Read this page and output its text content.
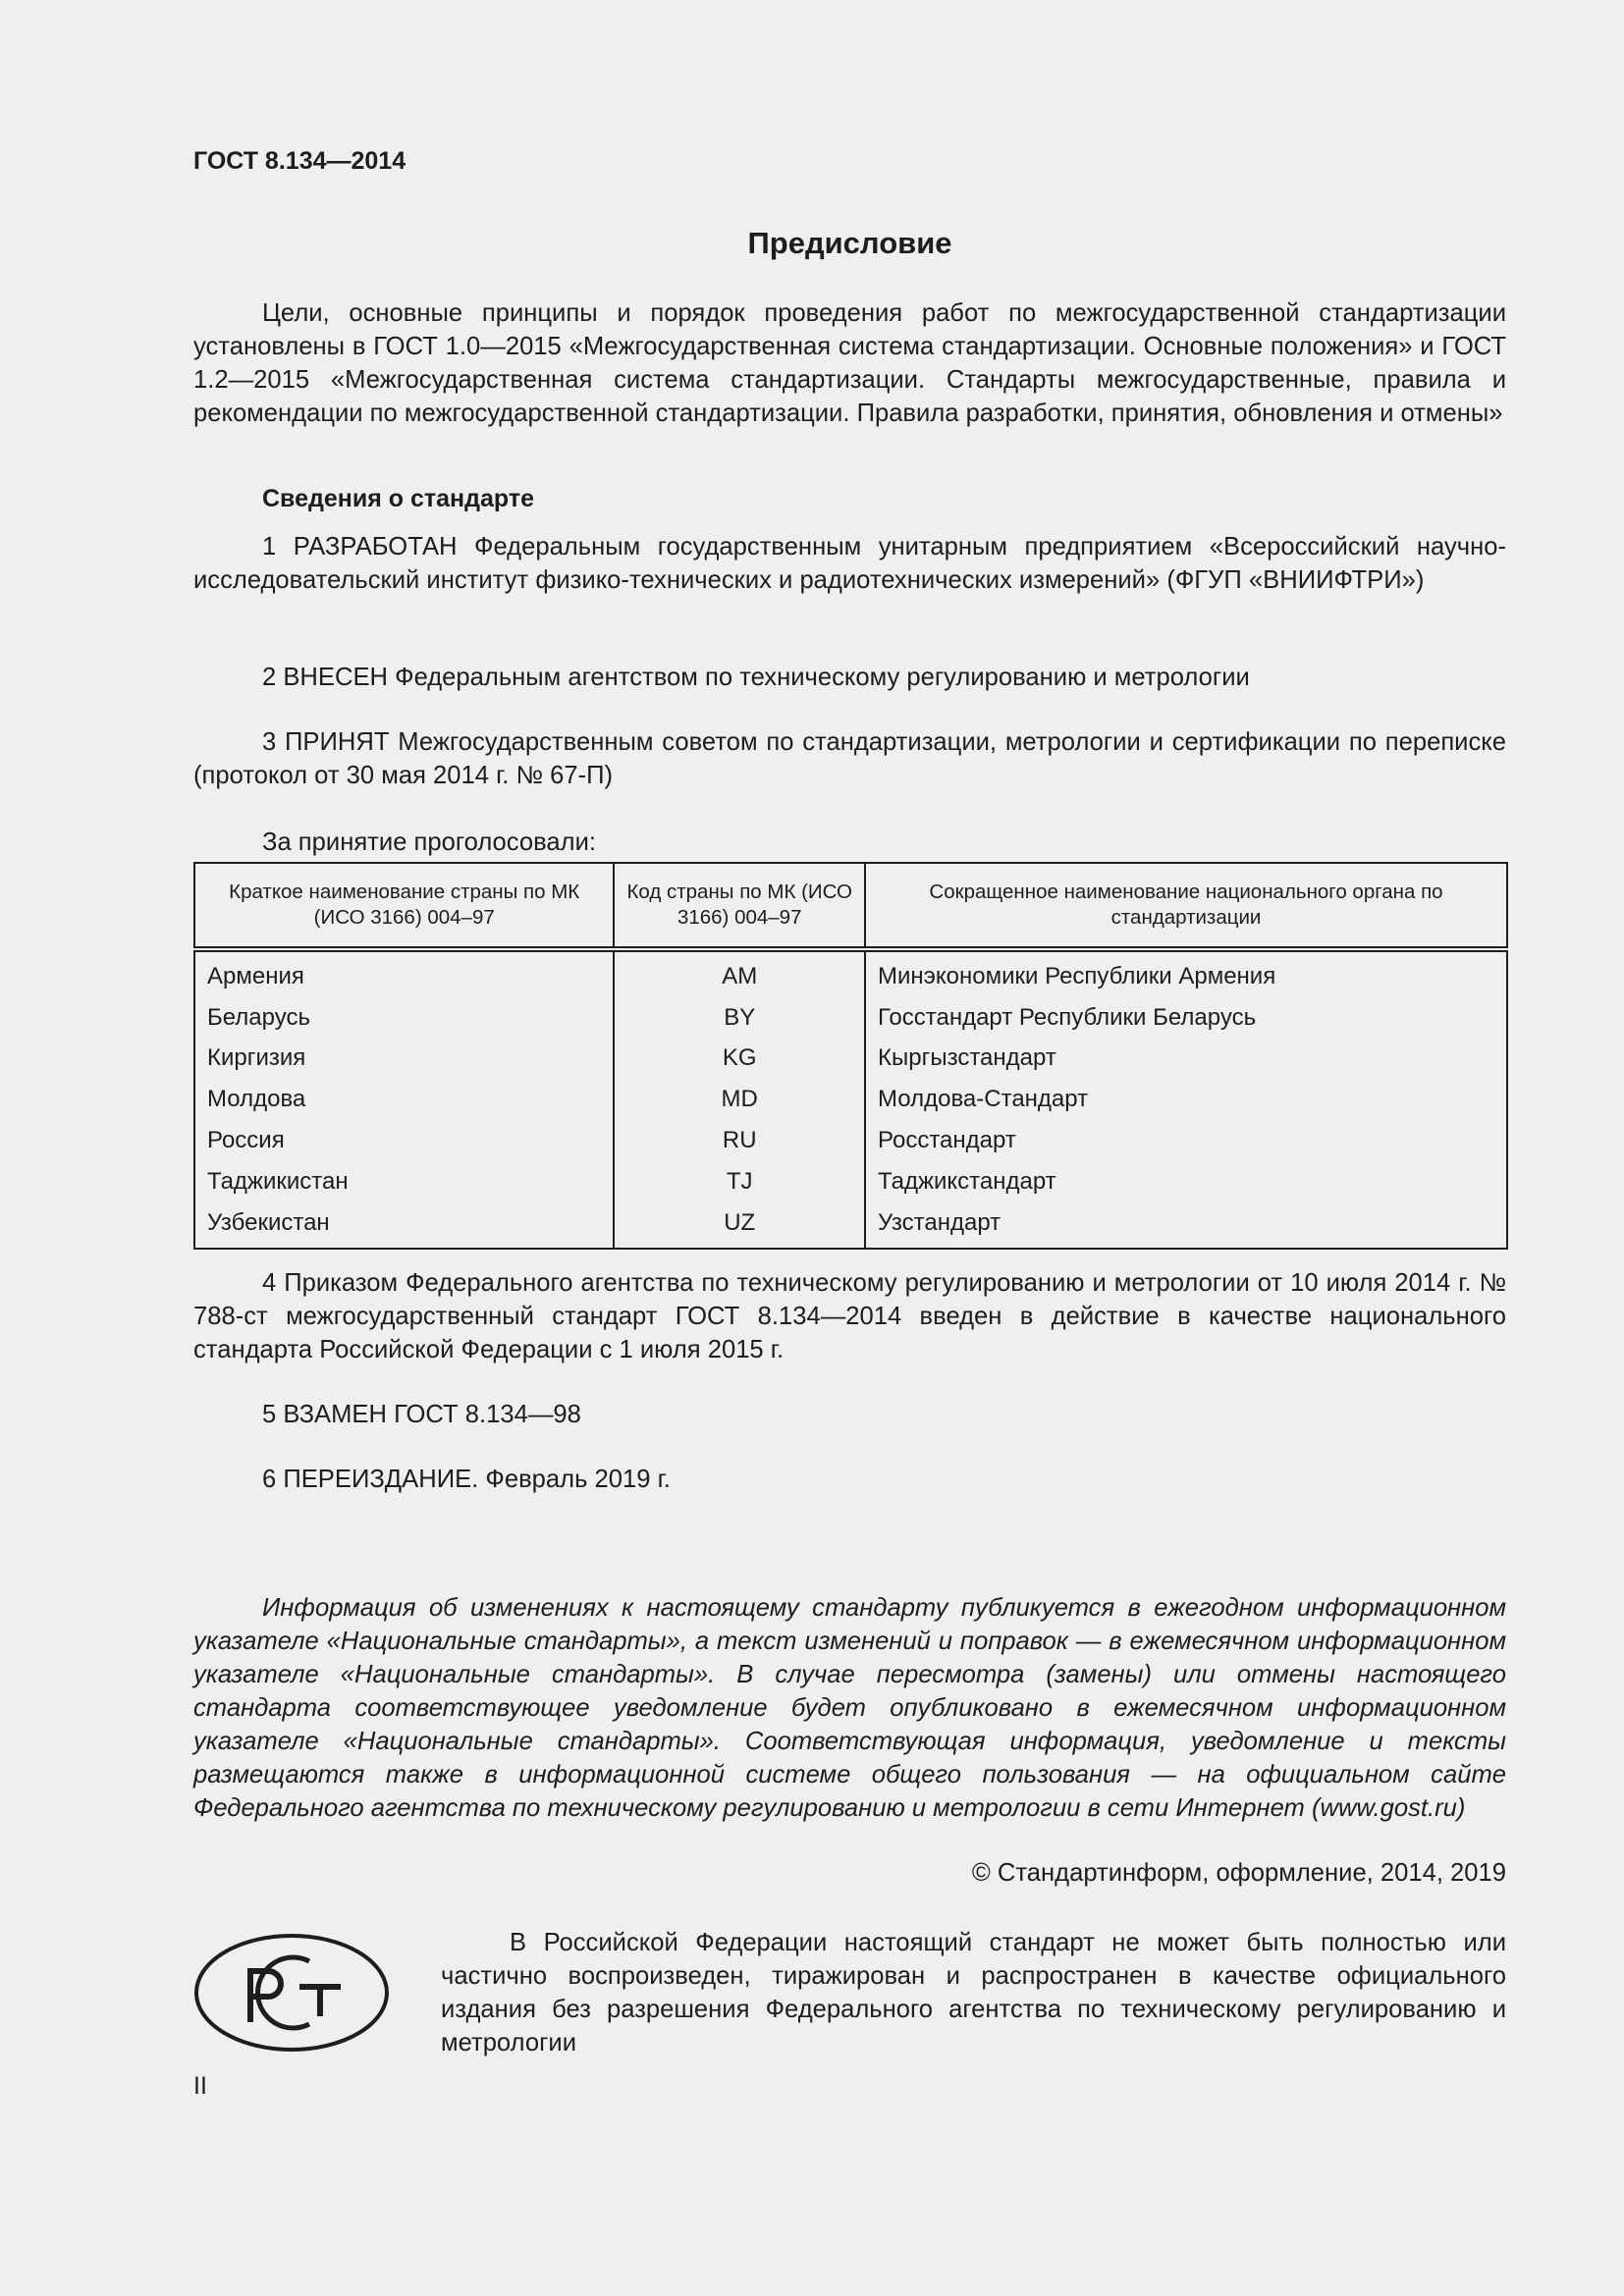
ГОСТ 8.134—2014
Предисловие

Цели, основные принципы и порядок проведения работ по межгосударственной стандартизации установлены в ГОСТ 1.0—2015 «Межгосударственная система стандартизации. Основные положения» и ГОСТ 1.2—2015 «Межгосударственная система стандартизации. Стандарты межгосударственные, правила и рекомендации по межгосударственной стандартизации. Правила разработки, принятия, обновления и отмены»

Сведения о стандарте

1 РАЗРАБОТАН Федеральным государственным унитарным предприятием «Всероссийский научно-исследовательский институт физико-технических и радиотехнических измерений» (ФГУП «ВНИИФТРИ»)

2 ВНЕСЕН Федеральным агентством по техническому регулированию и метрологии

3 ПРИНЯТ Межгосударственным советом по стандартизации, метрологии и сертификации по переписке (протокол от 30 мая 2014 г. № 67-П)

За принятие проголосовали:

Краткое наименование страны по МК (ИСО 3166) 004–97	Код страны по МК (ИСО 3166) 004–97	Сокращенное наименование национального органа по стандартизации
Армения	AM	Минэкономики Республики Армения
Беларусь	BY	Госстандарт Республики Беларусь
Киргизия	KG	Кыргызстандарт
Молдова	MD	Молдова-Стандарт
Россия	RU	Росстандарт
Таджикистан	TJ	Таджикстандарт
Узбекистан	UZ	Узстандарт

4 Приказом Федерального агентства по техническому регулированию и метрологии от 10 июля 2014 г. № 788-ст межгосударственный стандарт ГОСТ 8.134—2014 введен в действие в качестве национального стандарта Российской Федерации с 1 июля 2015 г.

5 ВЗАМЕН ГОСТ 8.134—98

6 ПЕРЕИЗДАНИЕ. Февраль 2019 г.

Информация об изменениях к настоящему стандарту публикуется в ежегодном информационном указателе «Национальные стандарты», а текст изменений и поправок — в ежемесячном информационном указателе «Национальные стандарты». В случае пересмотра (замены) или отмены настоящего стандарта соответствующее уведомление будет опубликовано в ежемесячном информационном указателе «Национальные стандарты». Соответствующая информация, уведомление и тексты размещаются также в информационной системе общего пользования — на официальном сайте Федерального агентства по техническому регулированию и метрологии в сети Интернет (www.gost.ru)

© Стандартинформ, оформление, 2014, 2019

В Российской Федерации настоящий стандарт не может быть полностью или частично воспроизведен, тиражирован и распространен в качестве официального издания без разрешения Федерального агентства по техническому регулированию и метрологии

II
